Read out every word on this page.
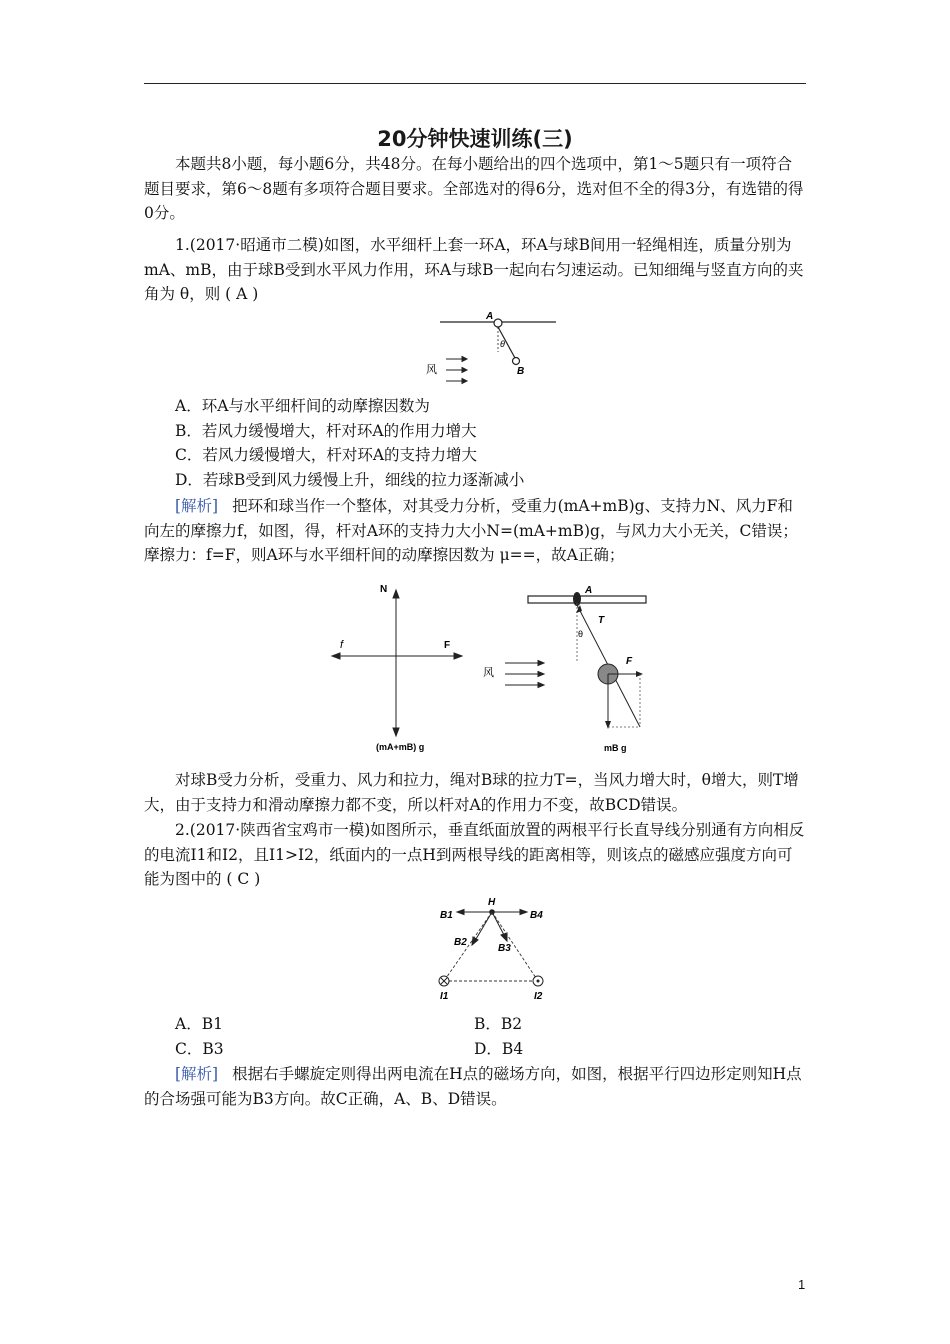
20分钟快速训练(三)

本题共8小题，每小题6分，共48分。在每小题给出的四个选项中，第1～5题只有一项符合题目要求，第6～8题有多项符合题目要求。全部选对的得6分，选对但不全的得3分，有选错的得0分。

1.(2017·昭通市二模)如图，水平细杆上套一环A，环A与球B间用一轻绳相连，质量分别为mA、mB，由于球B受到水平风力作用，环A与球B一起向右匀速运动。已知细绳与竖直方向的夹角为 θ，则 ( A )

A
θ
B
风
A．环A与水平细杆间的动摩擦因数为
B．若风力缓慢增大，杆对环A的作用力增大
C．若风力缓慢增大，杆对环A的支持力增大
D．若球B受到风力缓慢上升，细线的拉力逐渐减小

[解析] 把环和球当作一个整体，对其受力分析，受重力(mA+mB)g、支持力N、风力F和向左的摩擦力f，如图，得，杆对A环的支持力大小N=(mA+mB)g，与风力大小无关，C错误；摩擦力：f=F，则A环与水平细杆间的动摩擦因数为 μ==，故A正确；

N
f	F
(mA+mB) g
A
T
θ
F
mB g
风

对球B受力分析，受重力、风力和拉力，绳对B球的拉力T=，当风力增大时，θ增大，则T增大，由于支持力和滑动摩擦力都不变，所以杆对A的作用力不变，故BCD错误。

2.(2017·陕西省宝鸡市一模)如图所示，垂直纸面放置的两根平行长直导线分别通有方向相反的电流I1和I2，且I1>I2，纸面内的一点H到两根导线的距离相等，则该点的磁感应强度方向可能为图中的 ( C )

H
B1	B4
B2
B3
I1	I2
A．B1	B．B2
C．B3	D．B4

[解析] 根据右手螺旋定则得出两电流在H点的磁场方向，如图，根据平行四边形定则知H点的合场强可能为B3方向。故C正确，A、B、D错误。

1
